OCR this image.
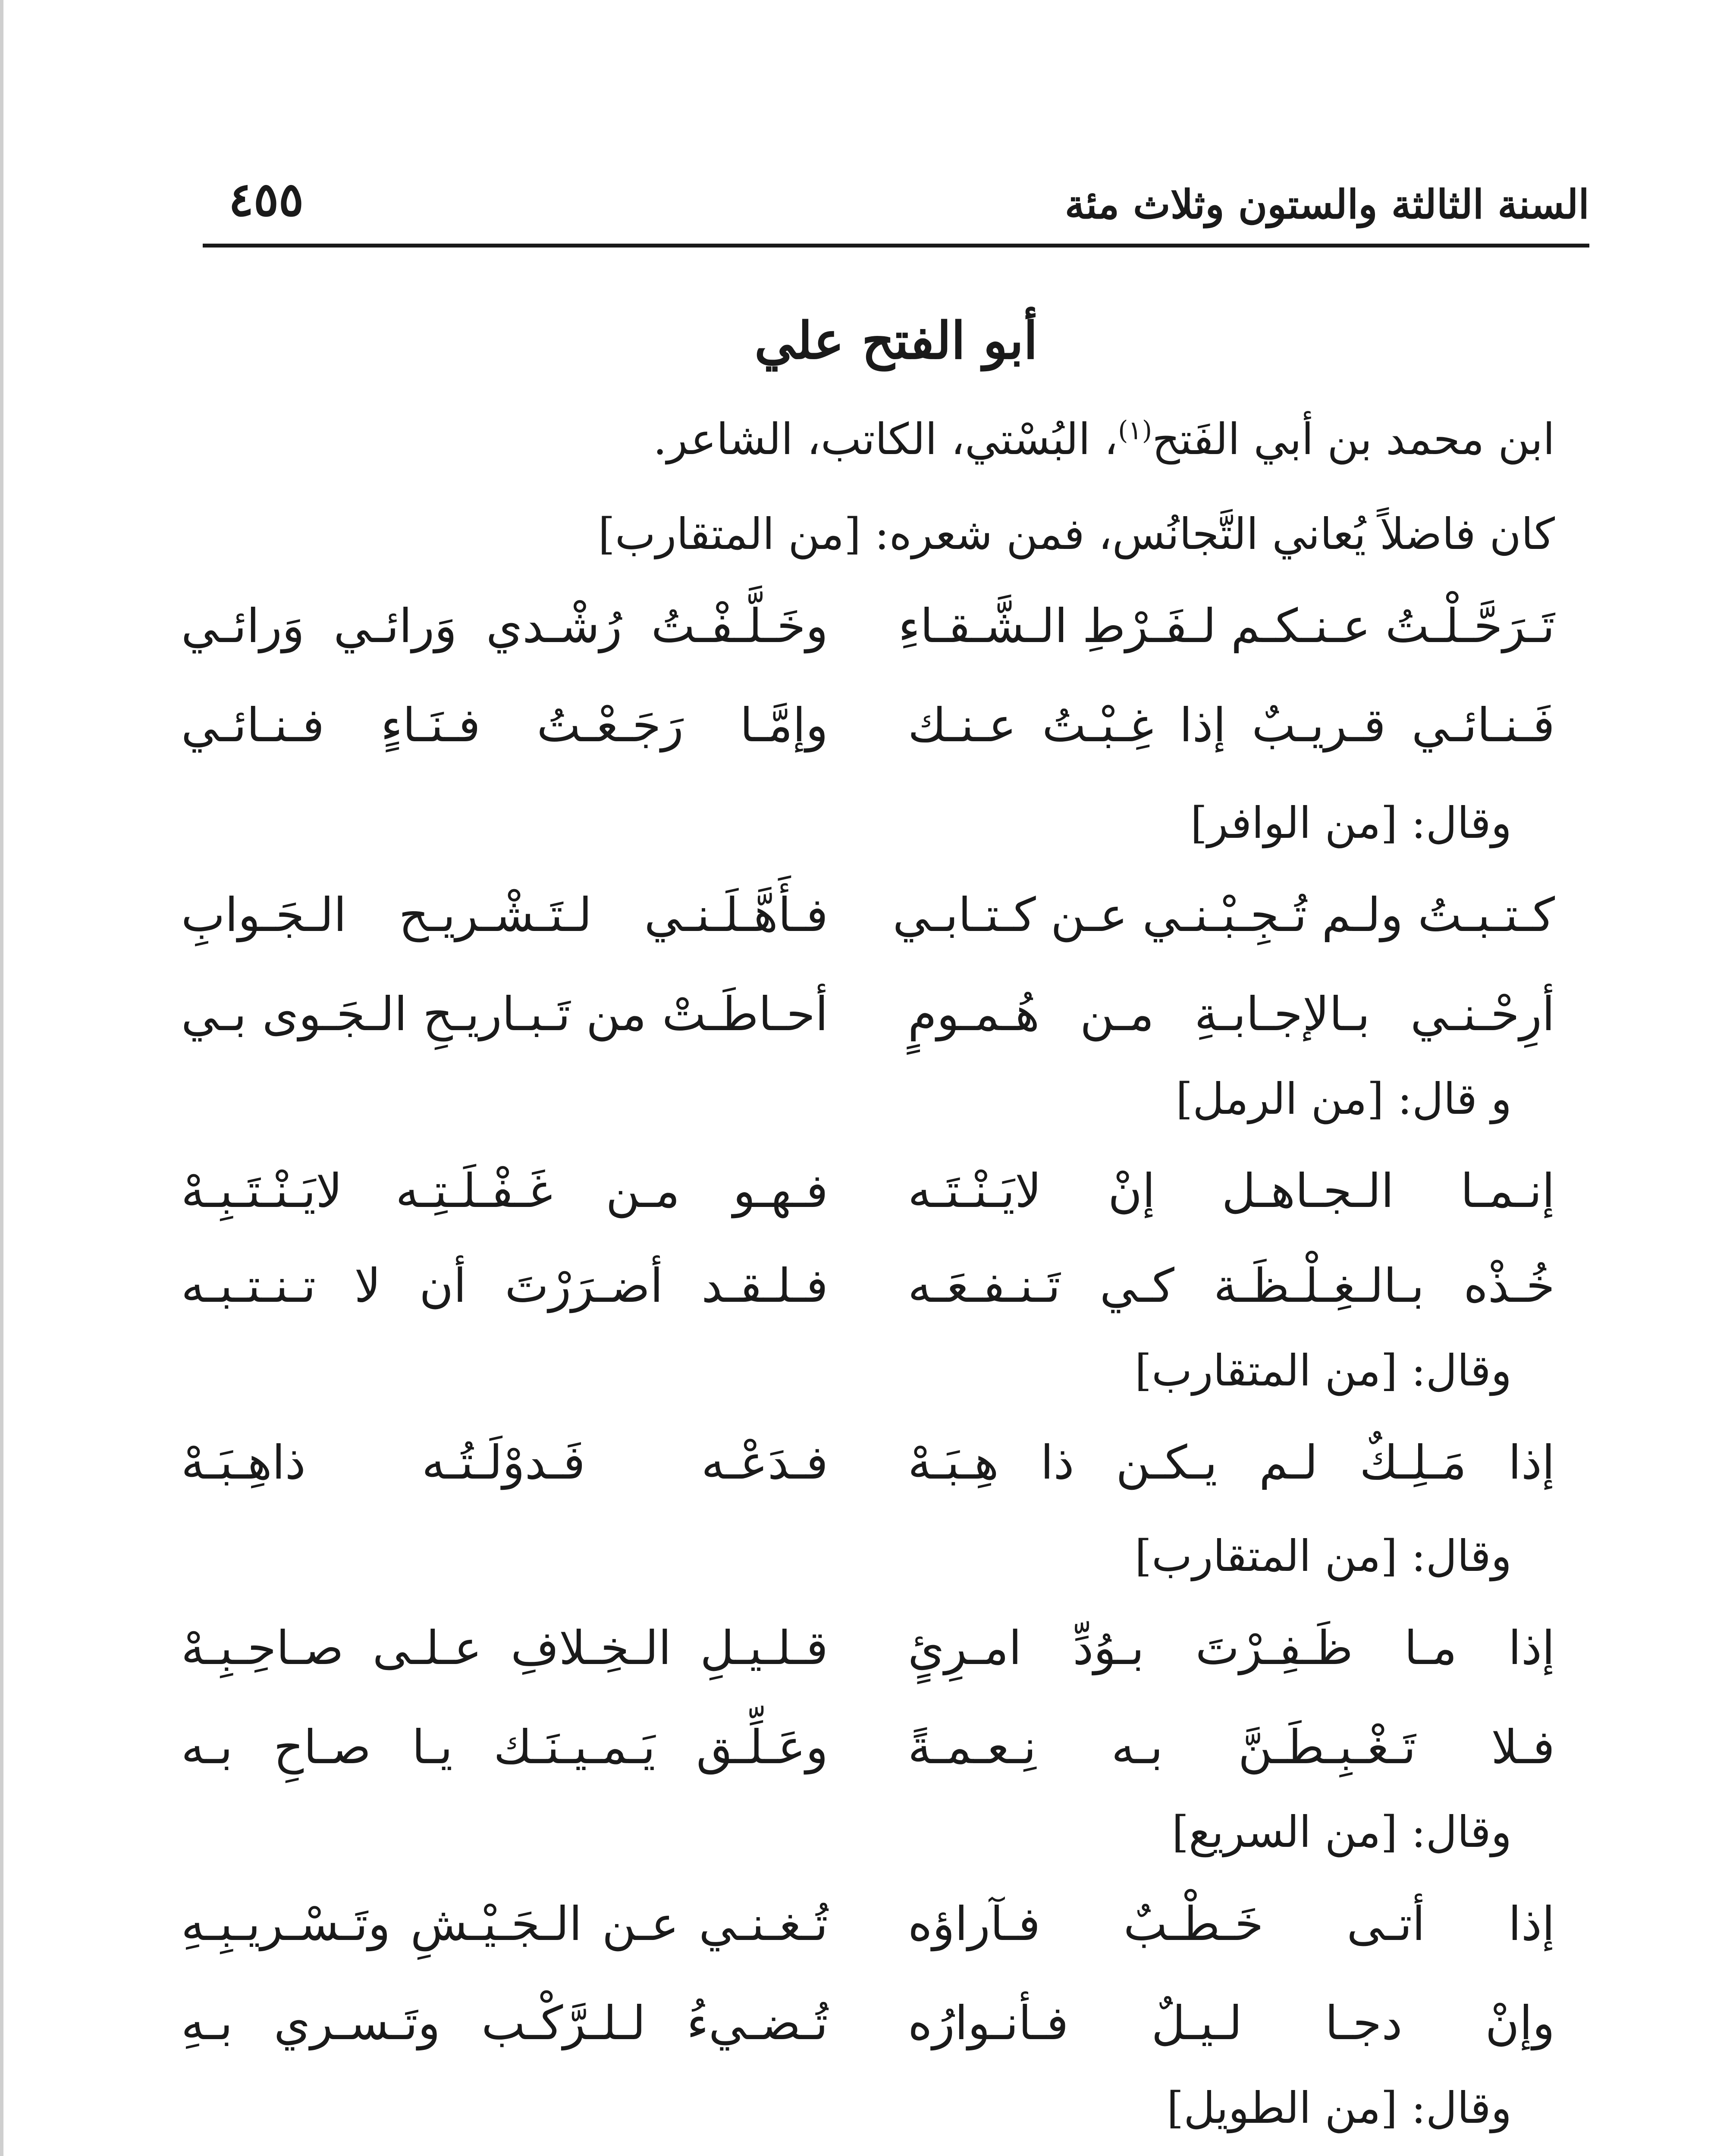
السنة الثالثة والستون وثلاث مئة
٤٥٥
أبو الفتح علي
ابن محمد بن أبي الفَتح$^{(١)}$، البُسْتي، الكاتب، الشاعر.
كان فاضلاً يُعاني التَّجانُس، فمن شعره: [من المتقارب]
تَـرَحَّـلْـتُ عـنـكـم لـفَـرْطِ الـشَّـقـاءِ
وخَـلَّـفْـتُ رُشْـدي وَرائـي وَرائـي
فَـنـائـي قـريـبٌ إذا غِـبْـتُ عـنـك
وإمَّـا رَجَـعْـتُ فـنَـاءٍ فـنـائـي
وقال: [من الوافر]
كـتـبـتُ ولـم تُـجِـبْـنـي عـن كـتـابـي
فـأَهَّـلَـنـي لـتَـشْـريـح الـجَـوابِ
أرِحْـنـي بـالإجـابـةِ مـن هُـمـومٍ
أحـاطَـتْ من تَـبـاريـحِ الـجَـوى بـي
و قال: [من الرمل]
إنـمـا الـجـاهـل إنْ لايَـنْـتَـه
فـهـو مـن غَـفْـلَـتِـه لايَـنْـتَـبِـهْ
خُـذْه بـالـغِـلْـظَـة كـي تَـنـفـعَـه
فـلـقـد أضـرَرْتَ أن لا تـنـتـبـه
وقال: [من المتقارب]
إذا مَـلِـكٌ لـم يـكـن ذا هِـبَـهْ
فـدَعْـه فَـدوْلَـتُـه ذاهِـبَـهْ
وقال: [من المتقارب]
إذا مـا ظَـفِـرْتَ بـوُدِّ امـرِئٍ
قـلـيـلِ الـخِـلافِ عـلـى صـاحِـبِـهْ
فـلا تَـغْـبِـطَـنَّ بـه نِـعـمـةً
وعَـلِّـق يَـمـيـنَـك يـا صـاحِ بـه
وقال: [من السريع]
إذا أتـى خَـطْـبٌ فـآراؤه
تُـغـنـي عـن الـجَـيْـشِ وتَـسْـريـبِـهِ
وإنْ دجـا لـيـلٌ فـأنـوارُه
تُـضـيءُ لـلـرَّكْـب وتَـسـري بـهِ
وقال: [من الطويل]
